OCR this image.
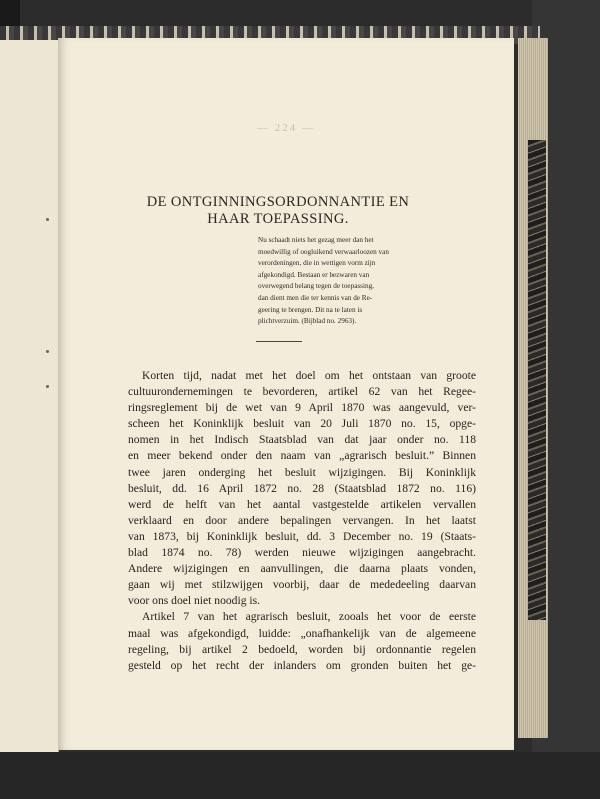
— 224 —
DE ONTGINNINGSORDONNANTIE EN
HAAR TOEPASSING.
Nu schaadt niets het gezag meer dan het
moedwillig of oogluikend verwaarloozen van
verordeningen, die in wettigen vorm zijn
afgekondigd. Bestaan er bezwaren van
overwegend belang tegen de toepassing,
dan dient men die ter kennis van de Re-
geering te brengen. Dit na te laten is
plichtverzuim. (Bijblad no. 2963).
Korten tijd, nadat met het doel om het ontstaan van groote
cultuurondernemingen te bevorderen, artikel 62 van het Regee-
ringsreglement bij de wet van 9 April 1870 was aangevuld, ver-
scheen het Koninklijk besluit van 20 Juli 1870 no. 15, opge-
nomen in het Indisch Staatsblad van dat jaar onder no. 118
en meer bekend onder den naam van „agrarisch besluit.” Binnen
twee jaren onderging het besluit wijzigingen. Bij Koninklijk
besluit, dd. 16 April 1872 no. 28 (Staatsblad 1872 no. 116)
werd de helft van het aantal vastgestelde artikelen vervallen
verklaard en door andere bepalingen vervangen. In het laatst
van 1873, bij Koninklijk besluit, dd. 3 December no. 19 (Staats-
blad 1874 no. 78) werden nieuwe wijzigingen aangebracht.
Andere wijzigingen en aanvullingen, die daarna plaats vonden,
gaan wij met stilzwijgen voorbij, daar de mededeeling daarvan
voor ons doel niet noodig is.
Artikel 7 van het agrarisch besluit, zooals het voor de eerste
maal was afgekondigd, luidde: „onafhankelijk van de algemeene
regeling, bij artikel 2 bedoeld, worden bij ordonnantie regelen
gesteld op het recht der inlanders om gronden buiten het ge-
